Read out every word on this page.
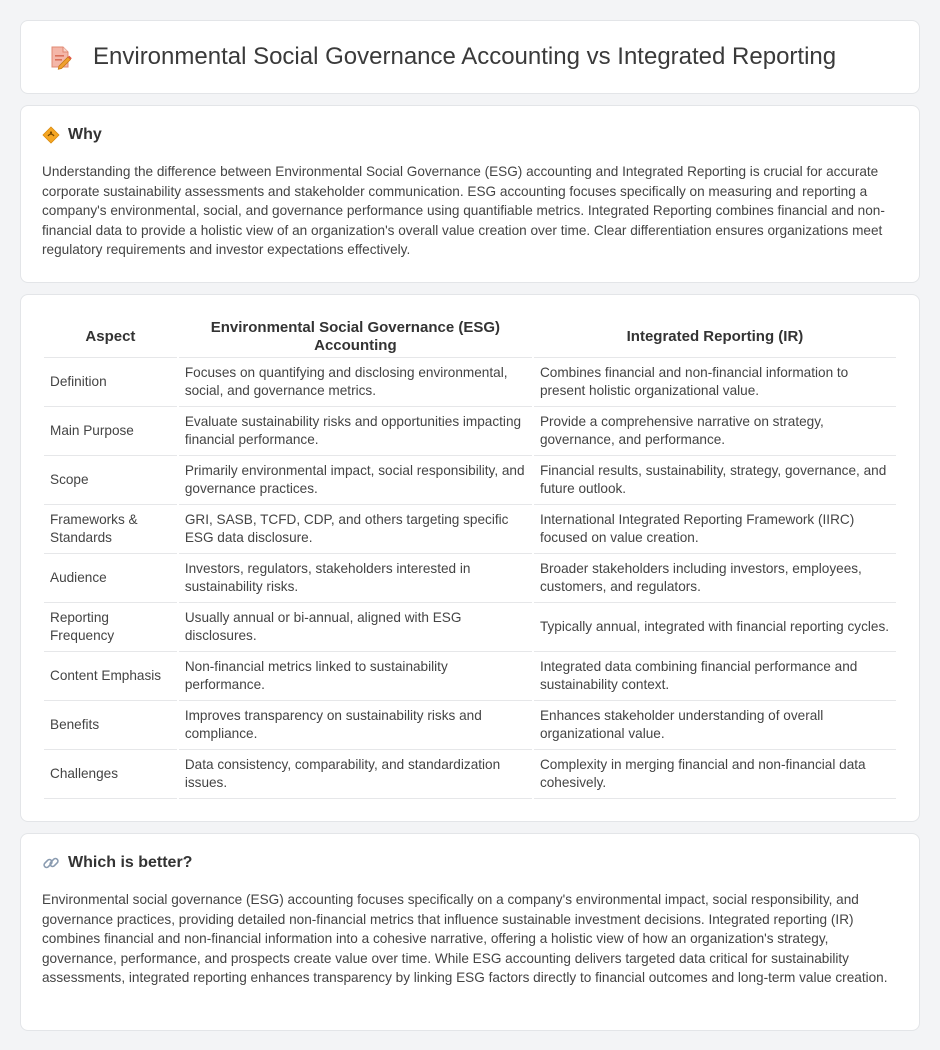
Environmental Social Governance Accounting vs Integrated Reporting
Why

Understanding the difference between Environmental Social Governance (ESG) accounting and Integrated Reporting is crucial for accurate corporate sustainability assessments and stakeholder communication. ESG accounting focuses specifically on measuring and reporting a company's environmental, social, and governance performance using quantifiable metrics. Integrated Reporting combines financial and non-financial data to provide a holistic view of an organization's overall value creation over time. Clear differentiation ensures organizations meet regulatory requirements and investor expectations effectively.

Aspect	Environmental Social Governance (ESG) Accounting	Integrated Reporting (IR)
Definition	Focuses on quantifying and disclosing environmental, social, and governance metrics.	Combines financial and non-financial information to present holistic organizational value.
Main Purpose	Evaluate sustainability risks and opportunities impacting financial performance.	Provide a comprehensive narrative on strategy, governance, and performance.
Scope	Primarily environmental impact, social responsibility, and governance practices.	Financial results, sustainability, strategy, governance, and future outlook.
Frameworks & Standards	GRI, SASB, TCFD, CDP, and others targeting specific ESG data disclosure.	International Integrated Reporting Framework (IIRC) focused on value creation.
Audience	Investors, regulators, stakeholders interested in sustainability risks.	Broader stakeholders including investors, employees, customers, and regulators.
Reporting Frequency	Usually annual or bi-annual, aligned with ESG disclosures.	Typically annual, integrated with financial reporting cycles.
Content Emphasis	Non-financial metrics linked to sustainability performance.	Integrated data combining financial performance and sustainability context.
Benefits	Improves transparency on sustainability risks and compliance.	Enhances stakeholder understanding of overall organizational value.
Challenges	Data consistency, comparability, and standardization issues.	Complexity in merging financial and non-financial data cohesively.
Which is better?

Environmental social governance (ESG) accounting focuses specifically on a company's environmental impact, social responsibility, and governance practices, providing detailed non-financial metrics that influence sustainable investment decisions. Integrated reporting (IR) combines financial and non-financial information into a cohesive narrative, offering a holistic view of how an organization's strategy, governance, performance, and prospects create value over time. While ESG accounting delivers targeted data critical for sustainability assessments, integrated reporting enhances transparency by linking ESG factors directly to financial outcomes and long-term value creation.
